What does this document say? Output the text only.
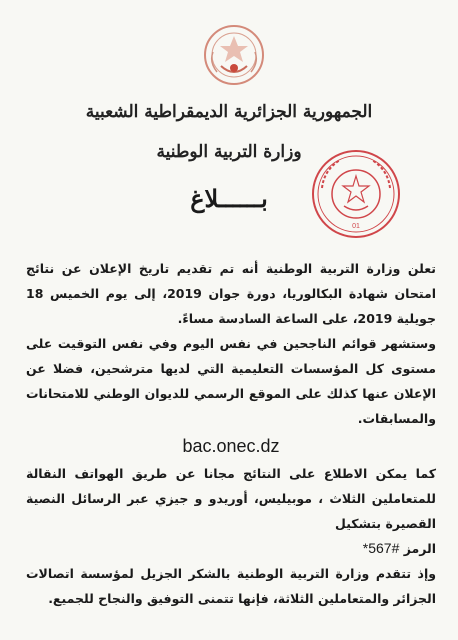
الجمهورية الجزائرية الديمقراطية الشعبية
وزارة التربية الوطنية
01
بــــــلاغ

تعلن وزارة التربية الوطنية أنه تم تقديم تاريخ الإعلان عن نتائج امتحان شهادة البكالوريا، دورة جوان 2019، إلى يوم الخميس 18 جويلية 2019، على الساعة السادسة مساءً.

وستشهر قوائم الناجحين في نفس اليوم وفي نفس التوقيت على مستوى كل المؤسسات التعليمية التي لديها مترشحين، فضلا عن الإعلان عنها كذلك على الموقع الرسمي للديوان الوطني للامتحانات والمسابقات.

bac.onec.dz

كما يمكن الاطلاع على النتائج مجانا عن طريق الهواتف النقالة للمتعاملين الثلاث ، موبيليس، أوريدو و جيزي عبر الرسائل النصية القصيرة بتشكيل

الرمز #567*

وإذ تتقدم وزارة التربية الوطنية بالشكر الجزيل لمؤسسة اتصالات الجزائر والمتعاملين الثلاثة، فإنها تتمنى التوفيق والنجاح للجميع.
